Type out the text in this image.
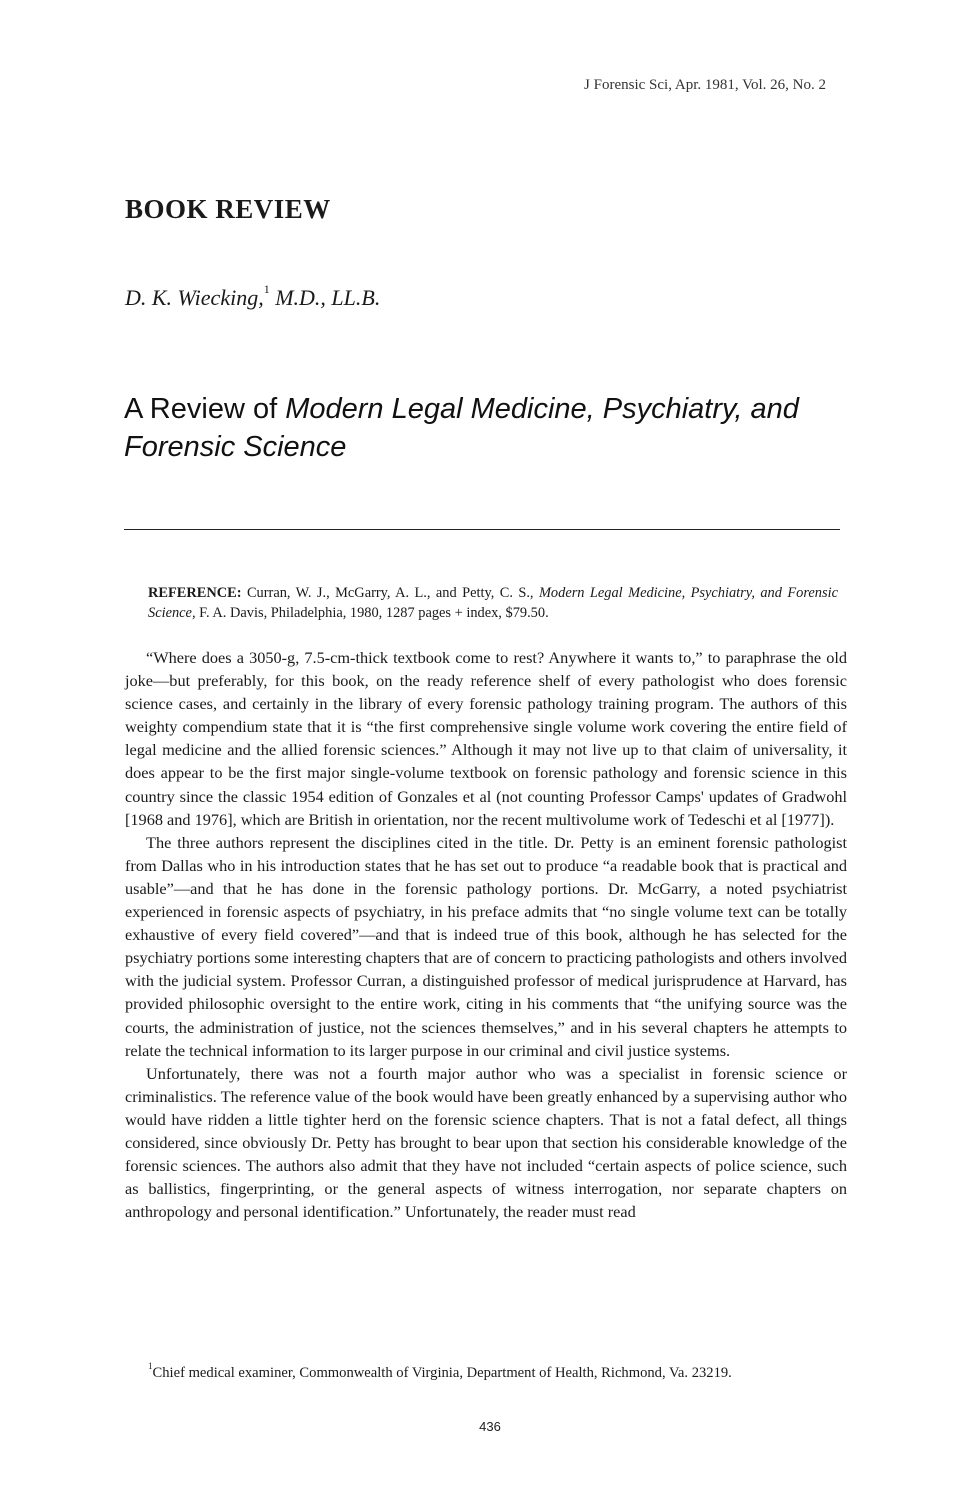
J Forensic Sci, Apr. 1981, Vol. 26, No. 2
BOOK REVIEW
D. K. Wiecking,$^1$ M.D., LL.B.
A Review of Modern Legal Medicine, Psychiatry, and Forensic Science
REFERENCE: Curran, W. J., McGarry, A. L., and Petty, C. S., Modern Legal Medicine, Psychiatry, and Forensic Science, F. A. Davis, Philadelphia, 1980, 1287 pages + index, $79.50.

“Where does a 3050-g, 7.5-cm-thick textbook come to rest? Anywhere it wants to,” to paraphrase the old joke—but preferably, for this book, on the ready reference shelf of every pathologist who does forensic science cases, and certainly in the library of every forensic pathology training program. The authors of this weighty compendium state that it is “the first comprehensive single volume work covering the entire field of legal medicine and the allied forensic sciences.” Although it may not live up to that claim of universality, it does appear to be the first major single-volume textbook on forensic pathology and forensic science in this country since the classic 1954 edition of Gonzales et al (not counting Professor Camps' updates of Gradwohl [1968 and 1976], which are British in orientation, nor the recent multivolume work of Tedeschi et al [1977]).

The three authors represent the disciplines cited in the title. Dr. Petty is an eminent forensic pathologist from Dallas who in his introduction states that he has set out to produce “a readable book that is practical and usable”—and that he has done in the forensic pathology portions. Dr. McGarry, a noted psychiatrist experienced in forensic aspects of psychiatry, in his preface admits that “no single volume text can be totally exhaustive of every field covered”—and that is indeed true of this book, although he has selected for the psychiatry portions some interesting chapters that are of concern to practicing pathologists and others involved with the judicial system. Professor Curran, a distinguished professor of medical jurisprudence at Harvard, has provided philosophic oversight to the entire work, citing in his comments that “the unifying source was the courts, the administration of justice, not the sciences themselves,” and in his several chapters he attempts to relate the technical information to its larger purpose in our criminal and civil justice systems.

Unfortunately, there was not a fourth major author who was a specialist in forensic science or criminalistics. The reference value of the book would have been greatly enhanced by a supervising author who would have ridden a little tighter herd on the forensic science chapters. That is not a fatal defect, all things considered, since obviously Dr. Petty has brought to bear upon that section his considerable knowledge of the forensic sciences. The authors also admit that they have not included “certain aspects of police science, such as ballistics, fingerprinting, or the general aspects of witness interrogation, nor separate chapters on anthropology and personal identification.” Unfortunately, the reader must read

$^1$Chief medical examiner, Commonwealth of Virginia, Department of Health, Richmond, Va. 23219.
436
